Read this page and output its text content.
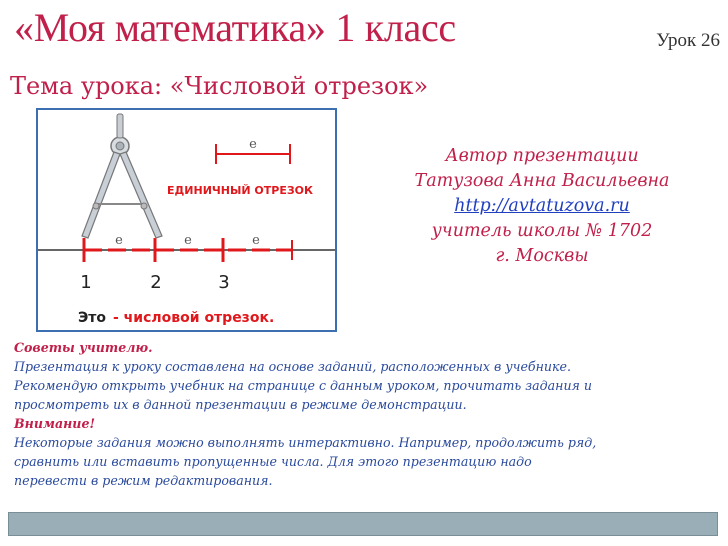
«Моя математика» 1 класс	Урок 26
Тема урока: «Числовой отрезок»
e
ЕДИНИЧНЫЙ ОТРЕЗОК
e	e	e
1	2	3
Это - числовой отрезок.
Автор презентации
Татузова Анна Васильевна
http://avtatuzova.ru
учитель школы № 1702
г. Москвы
Советы учителю.
Презентация к уроку составлена на основе заданий, расположенных в учебнике.
Рекомендую открыть учебник на странице с данным уроком, прочитать задания и
просмотреть их в данной презентации в режиме демонстрации.
Внимание!
Некоторые задания можно выполнять интерактивно. Например, продолжить ряд,
сравнить или вставить пропущенные числа. Для этого презентацию надо
перевести в режим редактирования.
